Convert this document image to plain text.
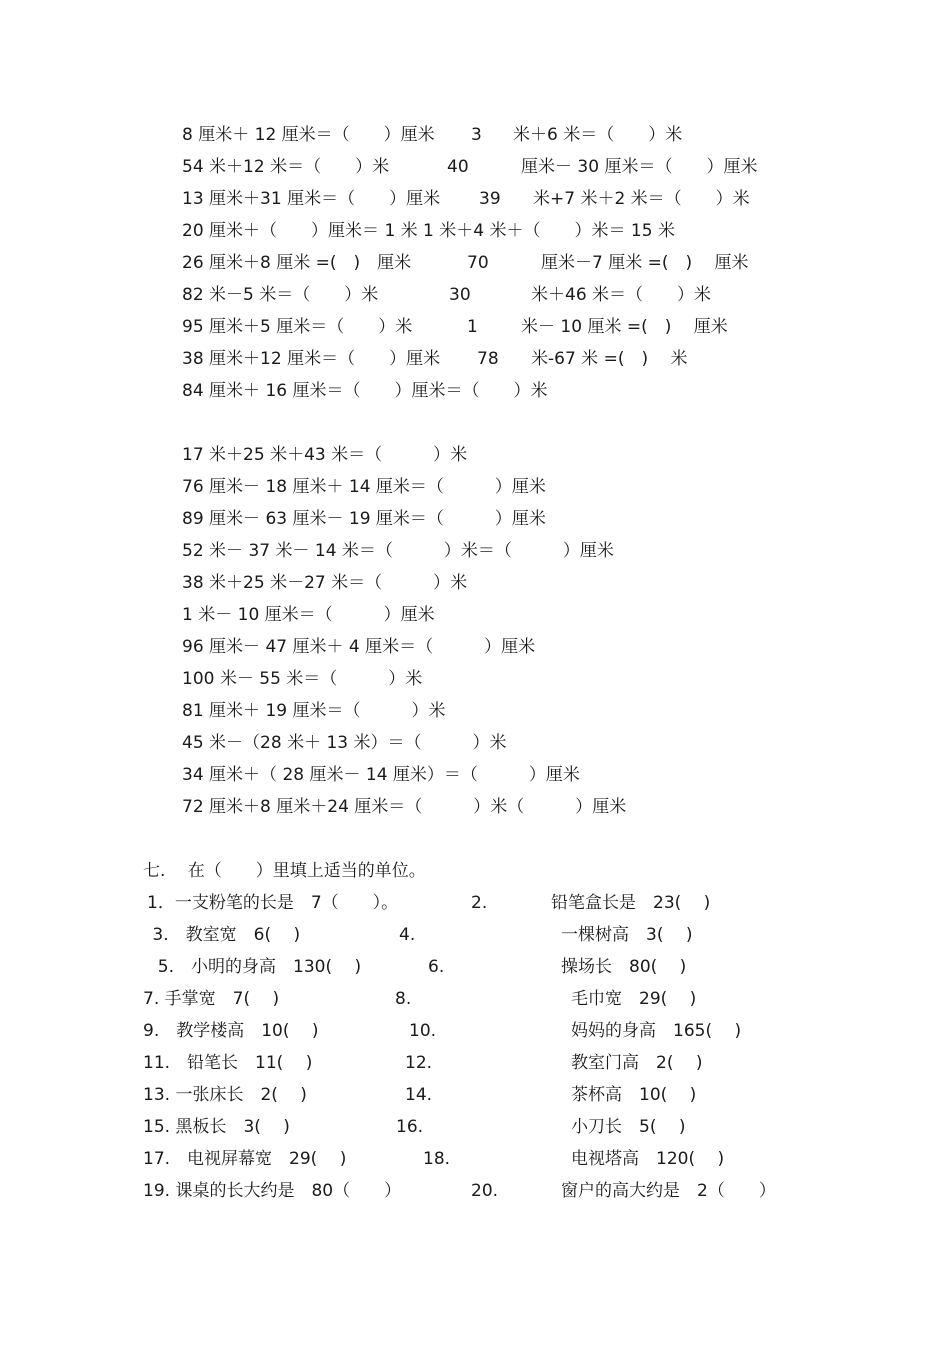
8 厘米＋ 12 厘米＝（　　）厘米 3 米＋6 米＝（　　）米
54 米＋12 米＝（　　）米	40	厘米－ 30 厘米＝（　　）厘米
13 厘米＋31 厘米＝（　　）厘米 39 米+7 米＋2 米＝（　　）米
20 厘米＋（　　）厘米＝ 1 米 1 米＋4 米＋（　　）米＝ 15 米
26 厘米＋8 厘米 =(　)　厘米	70	厘米－7 厘米 =(　)　 厘米
82 米－5 米＝（　　）米	30	米＋46 米＝（　　）米
95 厘米＋5 厘米＝（　　）米	1	米－ 10 厘米 =(　)　 厘米
38 厘米＋12 厘米＝（　　）厘米 78 米-67 米 =(　)　 米
84 厘米＋ 16 厘米＝（　　）厘米＝（　　）米
17 米＋25 米＋43 米＝（　　　）米
76 厘米－ 18 厘米＋ 14 厘米＝（　　　）厘米
89 厘米－ 63 厘米－ 19 厘米＝（　　　）厘米
52 米－ 37 米－ 14 米＝（　　　）米＝（　　　）厘米
38 米＋25 米－27 米＝（　　　）米
1 米－ 10 厘米＝（　　　）厘米
96 厘米－ 47 厘米＋ 4 厘米＝（　　　）厘米
100 米－ 55 米＝（　　　）米
81 厘米＋ 19 厘米＝（　　　）米
45 米－（28 米＋ 13 米）＝（　　　）米
34 厘米＋（ 28 厘米－ 14 厘米）＝（　　　）厘米
72 厘米＋8 厘米＋24 厘米＝（　　　）米（　　　）厘米
七.　 在（　　）里填上适当的单位。
1．一支粉笔的长是　7（　　）。	2.	铅笔盒长是　23(　 )
3.　教室宽　6(　 )	4.	一棵树高　3(　 )
5.　小明的身高　130(　 )	6.	操场长　80(　 )
7. 手掌宽　7(　 )	8.	毛巾宽　29(　 )
9.　教学楼高　10(　 )	10.	妈妈的身高　165(　 )
11.　铅笔长　11(　 )	12.	教室门高　2(　 )
13. 一张床长　2(　 )	14.	茶杯高　10(　 )
15. 黑板长　3(　 )	16.	小刀长　5(　 )
17.　电视屏幕宽　29(　 )	18.	电视塔高　120(　 )
19. 课桌的长大约是　80（　　）	20.	窗户的高大约是　2（　　）
